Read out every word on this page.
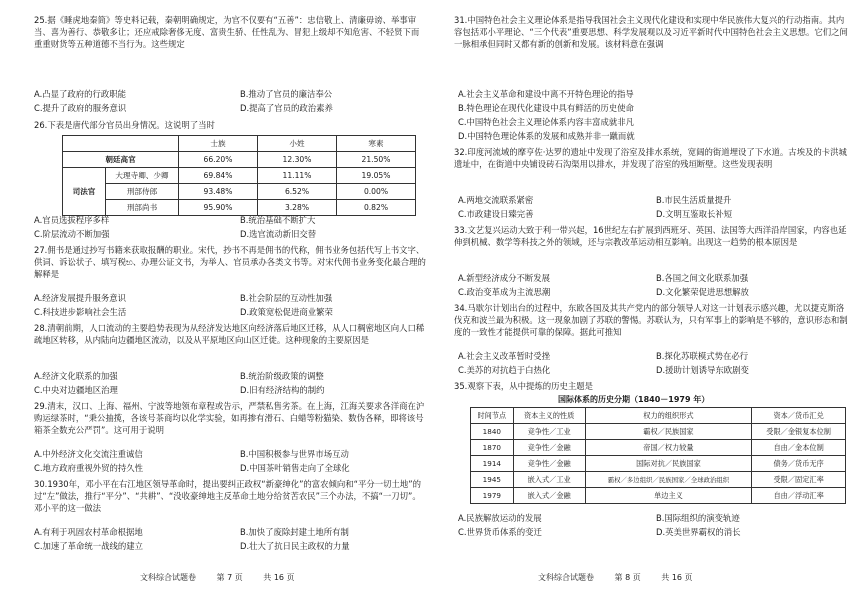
25.据《睡虎地秦简》等史料记载，秦朝明确规定，为官不仅要有“五善”：忠信敬上、清廉毋谤、举事审当、喜为善行、恭敬多让；还应戒除奢侈无度、富贵生骄、任性乱为、冒犯上级却不知危害、不轻贤下而重重财货等五种道德不当行为。这些规定
A.凸显了政府的行政职能	B.推动了官员的廉洁奉公
C.提升了政府的服务意识	D.提高了官员的政治素养
26.下表是唐代部分官员出身情况。这说明了当时
		士族	小姓	寒素
朝廷高官		66.20%	12.30%	21.50%
司法官	大理寺卿、少卿	69.84%	11.11%	19.05%
	刑部侍郎	93.48%	6.52%	0.00%
	刑部尚书	95.90%	3.28%	0.82%
A.官员选拔程序多样	B.统治基础不断扩大
C.阶层流动不断加强	D.选官流动新旧交替
27.佣书是通过抄写书籍来获取报酬的职业。宋代，抄书不再是佣书的代称，佣书业务包括代写上书文字、供词、诉讼状子、填写税භ、办理公证文书，为举人、官员承办各类文书等。对宋代佣书业务变化最合理的解释是
A.经济发展提升服务意识	B.社会阶层的互动性加强
C.科技进步影响社会生活	D.政策宽松促进商业繁荣
28.清朝前期，人口流动的主要趋势表现为从经济发达地区向经济落后地区迁移，从人口稠密地区向人口稀疏地区转移，从内陆向边疆地区流动，以及从平原地区向山区迁徙。这种现象的主要原因是
A.经济文化联系的加强	B.统治阶级政策的调整
C.中央对边疆地区治理	D.旧有经济结构的制约
29.清末，汉口、上海、福州、宁波等地领布章程或告示，严禁私售劣茶。在上海，江海关要求各洋商在沪购运绿茶时，“秉公抽揽，各该号茶商均以化学实验，如再掺有滑石、白蜡等粉猫染、数伪各释，即将该号箱茶全数充公严罚”。这可用于说明
A.中外经济文化交流注重诚信	B.中国积极参与世界市场互动
C.地方政府重视外贸的持久性	D.中国茶叶销售走向了全球化
30.1930年，邓小平在右江地区领导革命时，提出要纠正政权“新豪绅化”的富农倾向和“平分一切土地”的过“左”做法，推行“平分”、“共耕”、“没收豪绅地主反革命土地分给贫苦农民”三个办法，不搞“一刀切”。邓小平的这一做法
A.有利于巩固农村革命根据地	B.加快了废除封建土地所有制
C.加速了革命统一战线的建立	D.壮大了抗日民主政权的力量
文科综合试题卷	第 7 页	共 16 页
31.中国特色社会主义理论体系是指导我国社会主义现代化建设和实现中华民族伟大复兴的行动指南。其内容包括邓小平理论、“三个代表”重要思想、科学发展观以及习近平新时代中国特色社会主义思想。它们之间一脉相承但同时又都有新的创新和发展。该材料意在强调
A.社会主义革命和建设中离不开特色理论的指导
B.特色理论在现代化建设中具有鲜活的历史使命
C.中国特色社会主义理论体系内容丰富成就非凡
D.中国特色理论体系的发展和成熟并非一蹴而就
32.印度河流域的摩亨佐·达罗的遗址中发现了浴室及排水系统，宽阔的街道埋设了下水道。古埃及的卡洪城遗址中，在街道中央铺设砖石沟渠用以排水，并发现了浴室的残垣断壁。这些发现表明
A.两地交流联系紧密	B.市民生活质量提升
C.市政建设日臻完善	D.文明互鉴取长补短
33.文艺复兴运动大致于利一带兴起，16世纪左右扩展到西班牙、英国、法国等大西洋沿岸国家，内容也延伸到机械、数学等科技之外的领域，还与宗教改革运动相互影响。出现这一趋势的根本原因是
A.新型经济成分不断发展	B.各国之间文化联系加强
C.政治变革成为主流思潮	D.文化繁荣促进思想解放
34.马歇尔计划出台的过程中，东欧各国及其共产党内的部分领导人对这一计划表示感兴趣，尤以捷克斯洛伐克和波兰最为积极。这一现象加剧了苏联的警惕。苏联认为，只有军事上的影响是不够的，意识形态和制度的一致性才能提供可靠的保障。据此可推知
A.社会主义改革暂时受挫	B.探化苏联模式势在必行
C.美苏的对抗趋于白热化	D.援助计划诱导东欧剧变
35.观察下表，从中提炼的历史主题是
国际体系的历史分期（1840－1979 年）
时间节点	资本主义的性质	权力的组织形式	资本／货币汇兑
1840	竞争性／工业	霸权／民族国家	受限／金银复本位制
1870	竞争性／金融	帝国／权力较量	自由／金本位制
1914	竞争性／金融	国际对抗／民族国家	债务／货币无序
1945	嵌入式／工业	霸权／多边组织／民族国家／全球政治组织	受限／固定汇率
1979	嵌入式／金融	单边主义	自由／浮动汇率
A.民族解放运动的发展	B.国际组织的演变轨迹
C.世界货币体系的变迁	D.英美世界霸权的消长
文科综合试题卷	第 8 页	共 16 页
